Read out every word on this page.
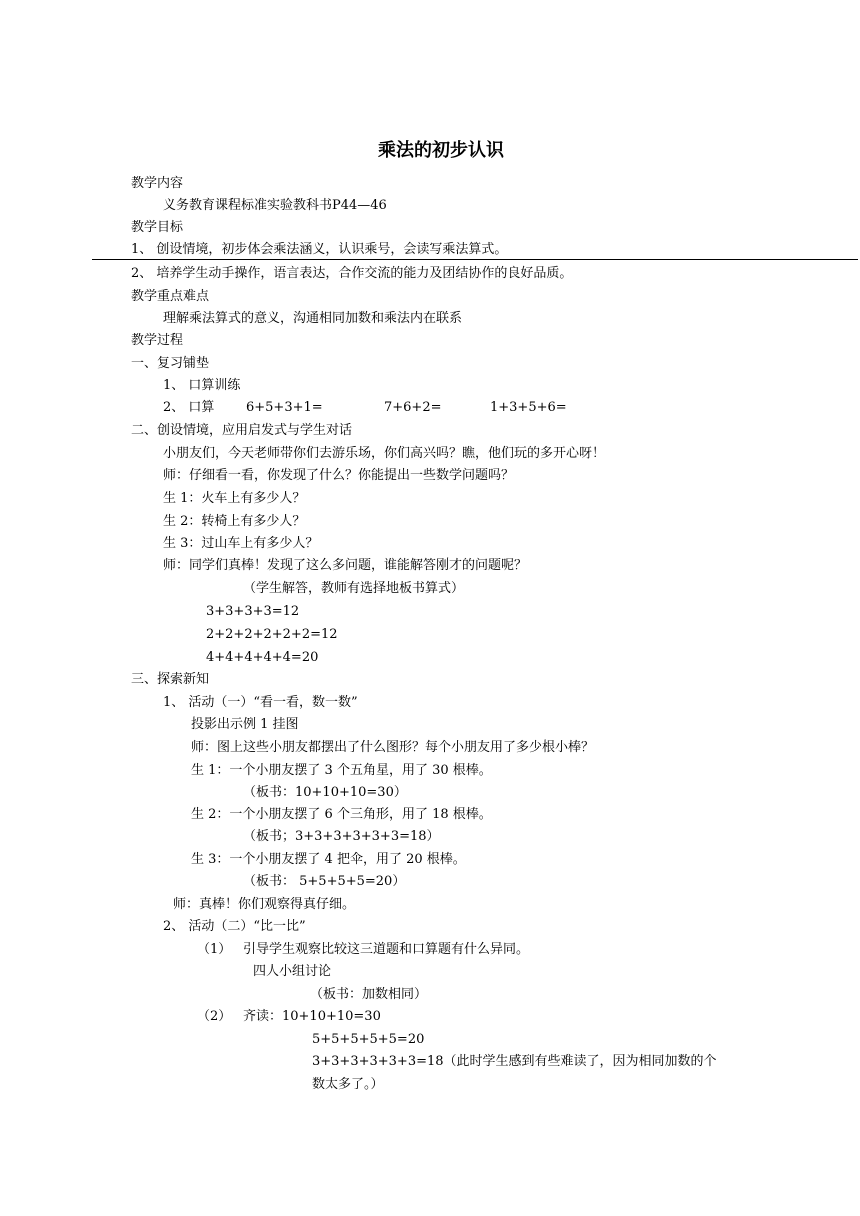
乘法的初步认识
教学内容
义务教育课程标准实验教科书P44—46
教学目标
1、 创设情境，初步体会乘法涵义，认识乘号，会读写乘法算式。
2、 培养学生动手操作，语言表达，合作交流的能力及团结协作的良好品质。
教学重点难点
理解乘法算式的意义，沟通相同加数和乘法内在联系
教学过程
一、复习铺垫
1、 口算训练
2、 口算 6+5+3+1=	7+6+2=	1+3+5+6=
二、创设情境，应用启发式与学生对话
小朋友们，今天老师带你们去游乐场，你们高兴吗？瞧，他们玩的多开心呀！
师：仔细看一看，你发现了什么？你能提出一些数学问题吗？
生 1：火车上有多少人？
生 2：转椅上有多少人？
生 3：过山车上有多少人？
师：同学们真棒！发现了这么多问题，谁能解答刚才的问题呢？
（学生解答，教师有选择地板书算式）
3+3+3+3=12
2+2+2+2+2+2=12
4+4+4+4+4=20
三、探索新知
1、 活动（一）“看一看，数一数”
投影出示例 1 挂图
师：图上这些小朋友都摆出了什么图形？每个小朋友用了多少根小棒？
生 1：一个小朋友摆了 3 个五角星，用了 30 根棒。
（板书：10+10+10=30）
生 2：一个小朋友摆了 6 个三角形，用了 18 根棒。
（板书；3+3+3+3+3+3=18）
生 3：一个小朋友摆了 4 把伞，用了 20 根棒。
（板书： 5+5+5+5=20）
师：真棒！你们观察得真仔细。
2、 活动（二）“比一比”
（1） 引导学生观察比较这三道题和口算题有什么异同。
四人小组讨论
（板书：加数相同）
（2） 齐读：10+10+10=30
5+5+5+5+5=20
3+3+3+3+3+3=18（此时学生感到有些难读了，因为相同加数的个
数太多了。）
